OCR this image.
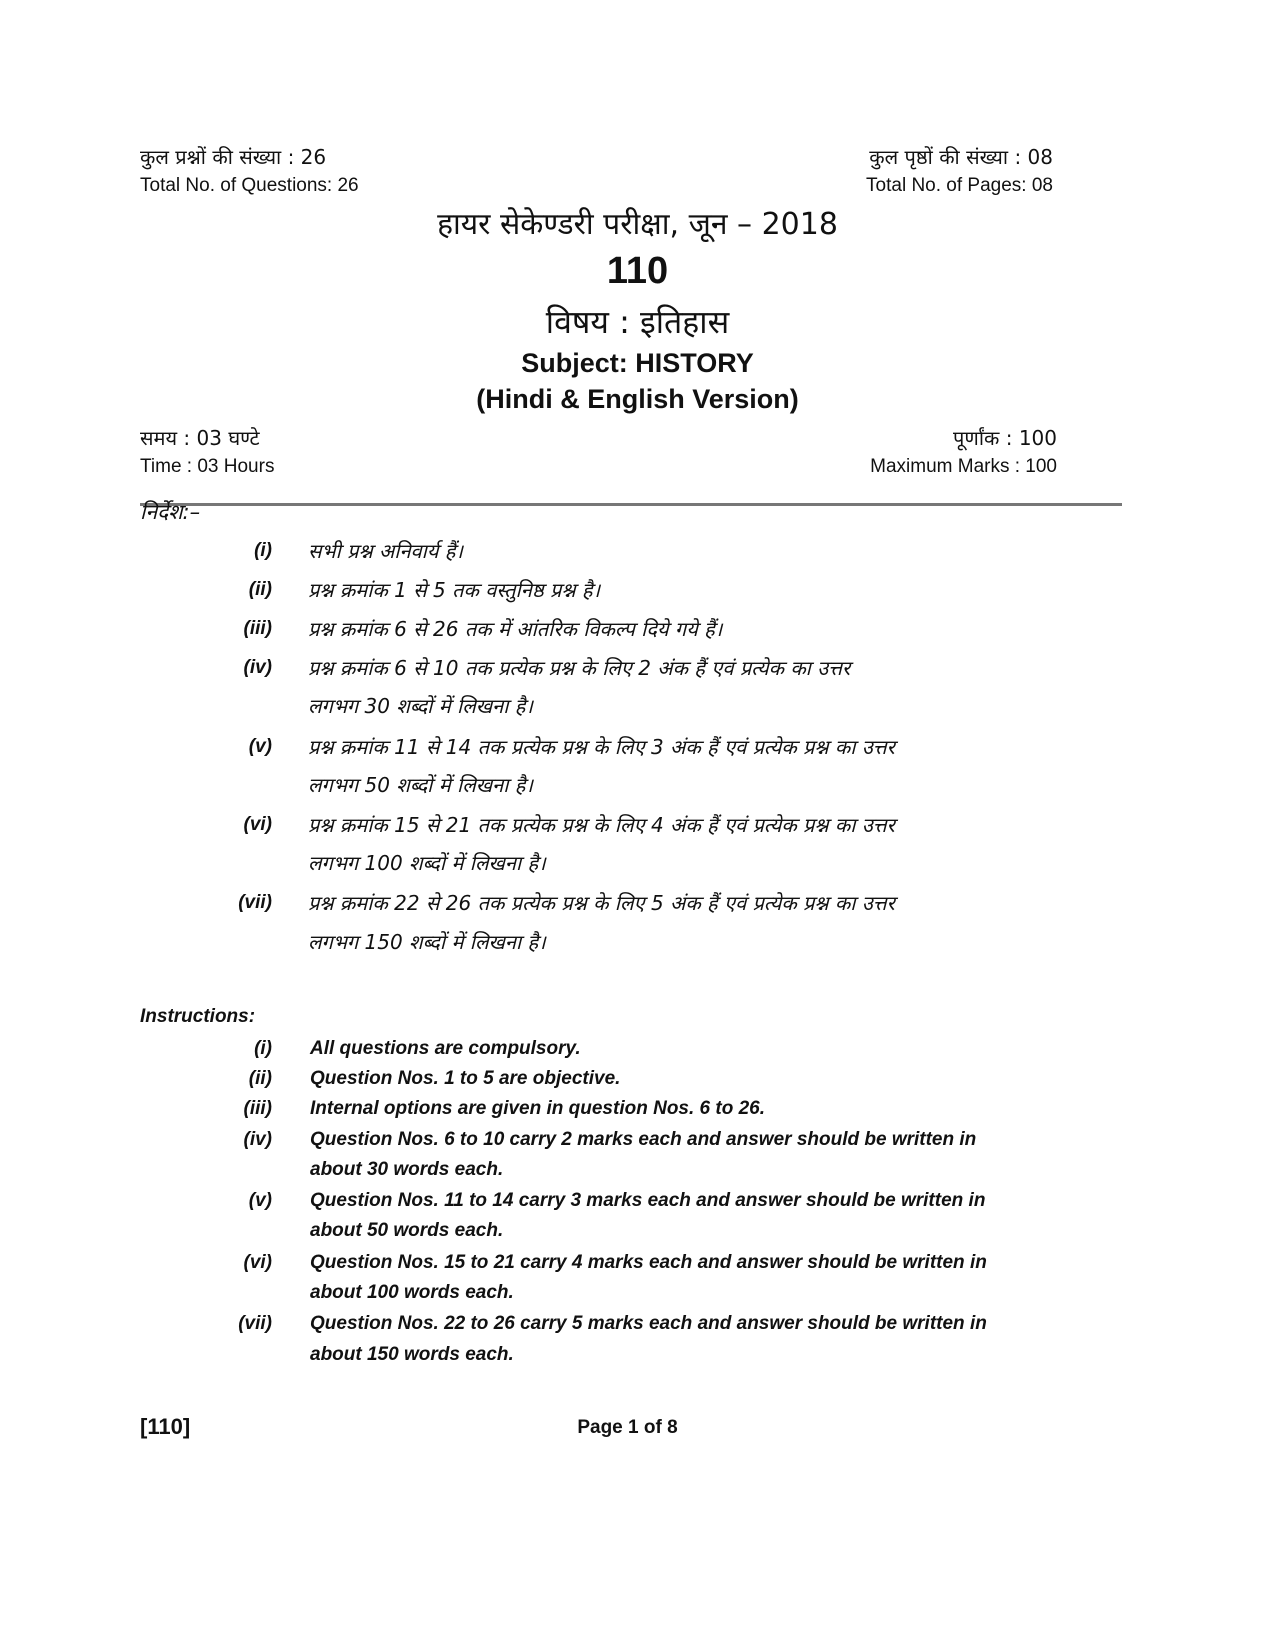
कुल प्रश्नों की संख्या : 26
Total No. of Questions: 26
कुल पृष्ठों की संख्या : 08
Total No. of Pages: 08
हायर सेकेण्डरी परीक्षा, जून – 2018
110
विषय : इतिहास
Subject: HISTORY
(Hindi & English Version)
समय : 03 घण्टे
Time : 03 Hours
पूर्णांक : 100
Maximum Marks : 100
निर्देश:–
(i) सभी प्रश्न अनिवार्य हैं।
(ii) प्रश्न क्रमांक 1 से 5 तक वस्तुनिष्ठ प्रश्न है।
(iii) प्रश्न क्रमांक 6 से 26 तक में आंतरिक विकल्प दिये गये हैं।
(iv) प्रश्न क्रमांक 6 से 10 तक प्रत्येक प्रश्न के लिए 2 अंक हैं एवं प्रत्येक का उत्तर
लगभग 30 शब्दों में लिखना है।
(v) प्रश्न क्रमांक 11 से 14 तक प्रत्येक प्रश्न के लिए 3 अंक हैं एवं प्रत्येक प्रश्न का उत्तर
लगभग 50 शब्दों में लिखना है।
(vi) प्रश्न क्रमांक 15 से 21 तक प्रत्येक प्रश्न के लिए 4 अंक हैं एवं प्रत्येक प्रश्न का उत्तर
लगभग 100 शब्दों में लिखना है।
(vii) प्रश्न क्रमांक 22 से 26 तक प्रत्येक प्रश्न के लिए 5 अंक हैं एवं प्रत्येक प्रश्न का उत्तर
लगभग 150 शब्दों में लिखना है।
Instructions:
(i) All questions are compulsory.
(ii) Question Nos. 1 to 5 are objective.
(iii) Internal options are given in question Nos. 6 to 26.
(iv) Question Nos. 6 to 10 carry 2 marks each and answer should be written in
about 30 words each.
(v) Question Nos. 11 to 14 carry 3 marks each and answer should be written in
about 50 words each.
(vi) Question Nos. 15 to 21 carry 4 marks each and answer should be written in
about 100 words each.
(vii) Question Nos. 22 to 26 carry 5 marks each and answer should be written in
about 150 words each.
[110]	Page 1 of 8
